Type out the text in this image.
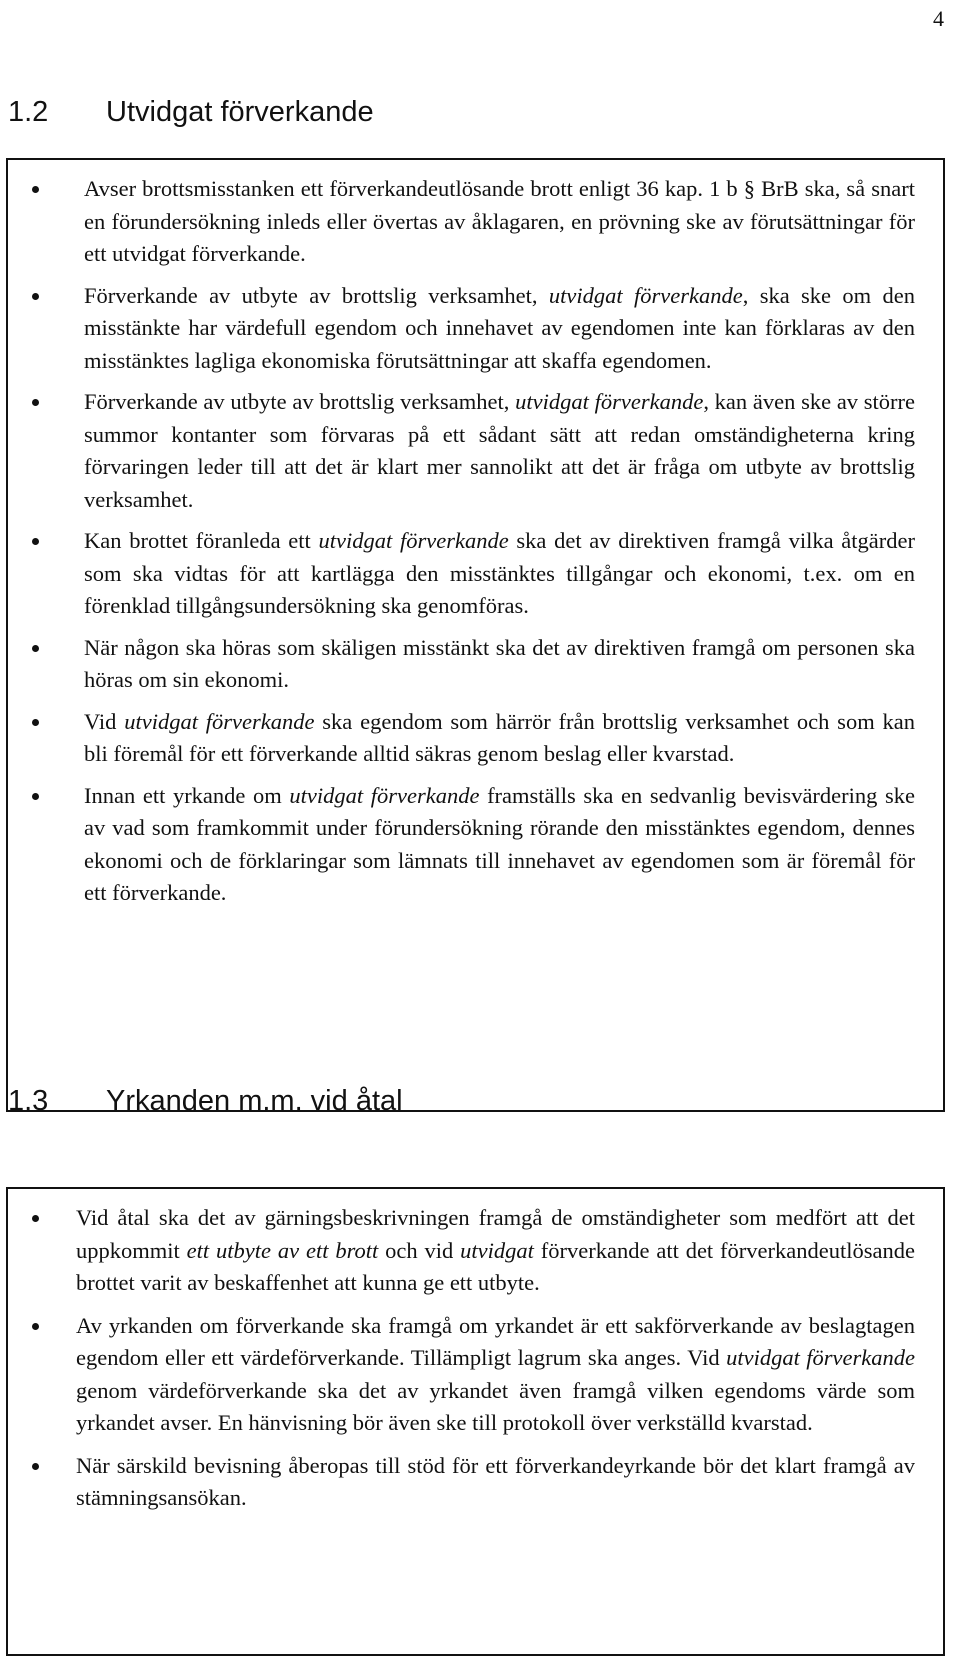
4
1.2 Utvidgat förverkande
Avser brottsmisstanken ett förverkandeutlösande brott enligt 36 kap. 1 b § BrB ska, så snart en förundersökning inleds eller övertas av åklagaren, en prövning ske av förutsättningar för ett utvidgat förverkande.
Förverkande av utbyte av brottslig verksamhet, utvidgat förverkande, ska ske om den misstänkte har värdefull egendom och innehavet av egendomen inte kan förklaras av den misstänktes lagliga ekonomiska förutsättningar att skaffa egendomen.
Förverkande av utbyte av brottslig verksamhet, utvidgat förverkande, kan även ske av större summor kontanter som förvaras på ett sådant sätt att redan omständigheterna kring förvaringen leder till att det är klart mer sannolikt att det är fråga om utbyte av brottslig verksamhet.
Kan brottet föranleda ett utvidgat förverkande ska det av direktiven framgå vilka åtgärder som ska vidtas för att kartlägga den misstänktes tillgångar och ekonomi, t.ex. om en förenklad tillgångsundersökning ska genomföras.
När någon ska höras som skäligen misstänkt ska det av direktiven framgå om personen ska höras om sin ekonomi.
Vid utvidgat förverkande ska egendom som härrör från brottslig verksamhet och som kan bli föremål för ett förverkande alltid säkras genom beslag eller kvarstad.
Innan ett yrkande om utvidgat förverkande framställs ska en sedvanlig bevisvärdering ske av vad som framkommit under förundersökning rörande den misstänktes egendom, dennes ekonomi och de förklaringar som lämnats till innehavet av egendomen som är föremål för ett förverkande.
1.3 Yrkanden m.m. vid åtal
Vid åtal ska det av gärningsbeskrivningen framgå de omständigheter som medfört att det uppkommit ett utbyte av ett brott och vid utvidgat förverkande att det förverkandeutlösande brottet varit av beskaffenhet att kunna ge ett utbyte.
Av yrkanden om förverkande ska framgå om yrkandet är ett sakförverkande av beslagtagen egendom eller ett värdeförverkande. Tillämpligt lagrum ska anges. Vid utvidgat förverkande genom värdeförverkande ska det av yrkandet även framgå vilken egendoms värde som yrkandet avser. En hänvisning bör även ske till protokoll över verkställd kvarstad.
När särskild bevisning åberopas till stöd för ett förverkandeyrkande bör det klart framgå av stämningsansökan.
